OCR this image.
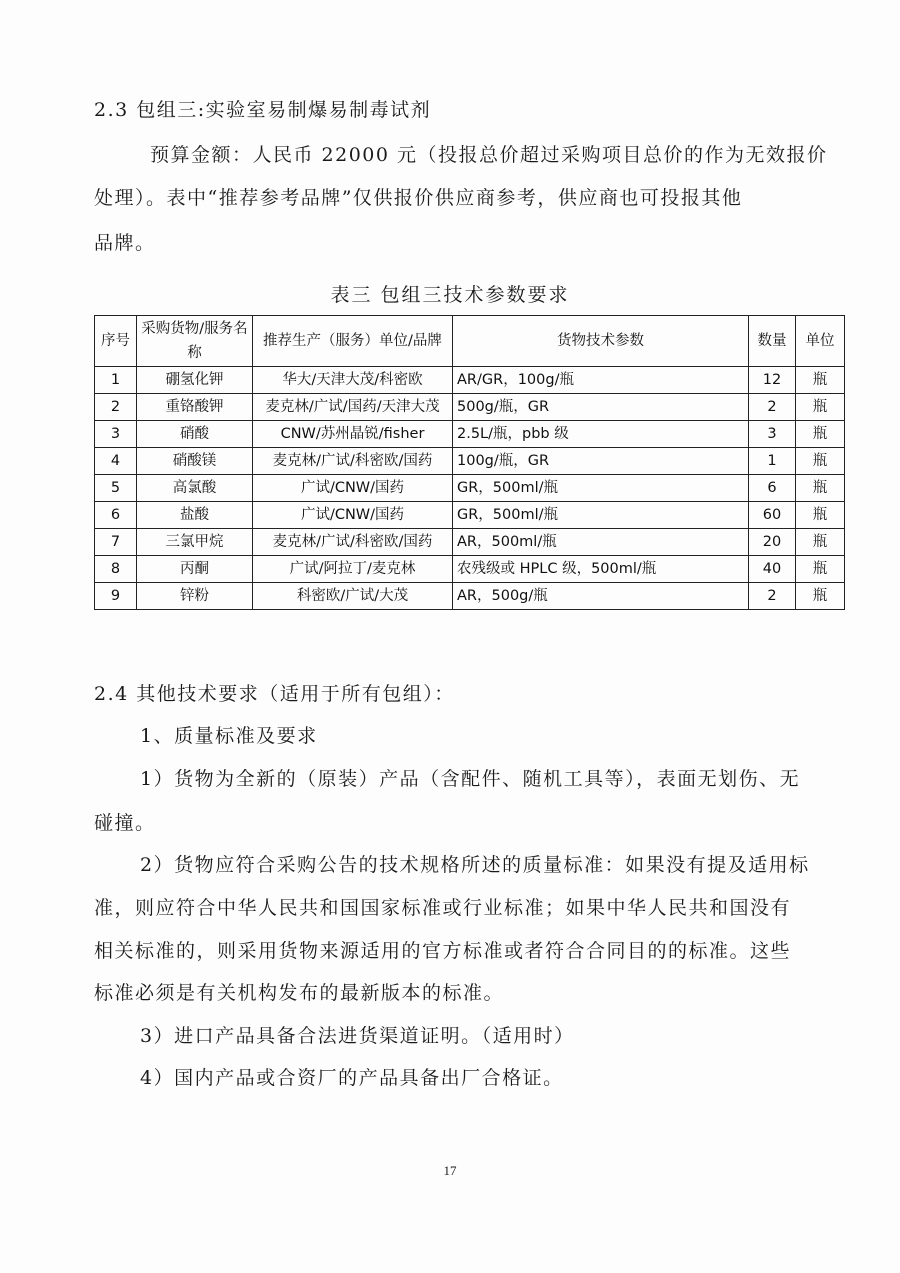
2.3 包组三:实验室易制爆易制毒试剂
预算金额：人民币 22000 元（投报总价超过采购项目总价的作为无效报价
处理）。表中“推荐参考品牌”仅供报价供应商参考，供应商也可投报其他
品牌。
表三 包组三技术参数要求
序号	采购货物/服务名称	推荐生产（服务）单位/品牌	货物技术参数	数量	单位
1	硼氢化钾	华大/天津大茂/科密欧	AR/GR，100g/瓶	12	瓶
2	重铬酸钾	麦克林/广试/国药/天津大茂	500g/瓶，GR	2	瓶
3	硝酸	CNW/苏州晶锐/fisher	2.5L/瓶，pbb 级	3	瓶
4	硝酸镁	麦克林/广试/科密欧/国药	100g/瓶，GR	1	瓶
5	高氯酸	广试/CNW/国药	GR，500ml/瓶	6	瓶
6	盐酸	广试/CNW/国药	GR，500ml/瓶	60	瓶
7	三氯甲烷	麦克林/广试/科密欧/国药	AR，500ml/瓶	20	瓶
8	丙酮	广试/阿拉丁/麦克林	农残级或 HPLC 级，500ml/瓶	40	瓶
9	锌粉	科密欧/广试/大茂	AR，500g/瓶	2	瓶
2.4 其他技术要求（适用于所有包组）：
1、质量标准及要求
1）货物为全新的（原装）产品（含配件、随机工具等），表面无划伤、无
碰撞。
2）货物应符合采购公告的技术规格所述的质量标准：如果没有提及适用标
准，则应符合中华人民共和国国家标准或行业标准；如果中华人民共和国没有
相关标准的，则采用货物来源适用的官方标准或者符合合同目的的标准。这些
标准必须是有关机构发布的最新版本的标准。
3）进口产品具备合法进货渠道证明。（适用时）
4）国内产品或合资厂的产品具备出厂合格证。
17
